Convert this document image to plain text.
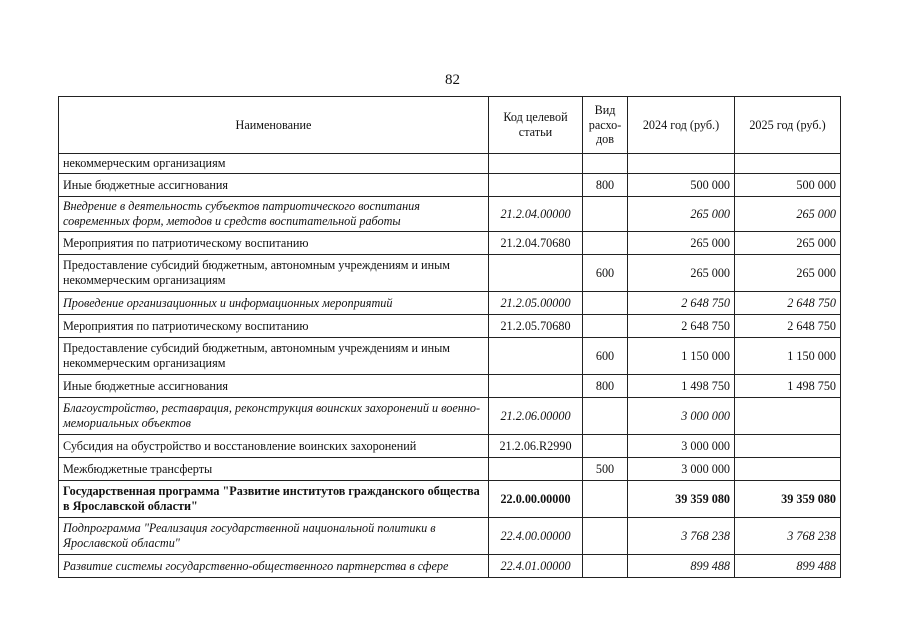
82
Наименование	Код целевой статьи	Вид расхо-дов	2024 год (руб.)	2025 год (руб.)
некоммерческим организациям				
Иные бюджетные ассигнования		800	500 000	500 000
Внедрение в деятельность субъектов патриотического воспитания современных форм, методов и средств воспитательной работы	21.2.04.00000		265 000	265 000
Мероприятия по патриотическому воспитанию	21.2.04.70680		265 000	265 000
Предоставление субсидий бюджетным, автономным учреждениям и иным некоммерческим организациям		600	265 000	265 000
Проведение организационных и информационных мероприятий	21.2.05.00000		2 648 750	2 648 750
Мероприятия по патриотическому воспитанию	21.2.05.70680		2 648 750	2 648 750
Предоставление субсидий бюджетным, автономным учреждениям и иным некоммерческим организациям		600	1 150 000	1 150 000
Иные бюджетные ассигнования		800	1 498 750	1 498 750
Благоустройство, реставрация, реконструкция воинских захоронений и военно-мемориальных объектов	21.2.06.00000		3 000 000	
Субсидия на обустройство и восстановление воинских захоронений	21.2.06.R2990		3 000 000	
Межбюджетные трансферты		500	3 000 000	
Государственная программа "Развитие институтов гражданского общества в Ярославской области"	22.0.00.00000		39 359 080	39 359 080
Подпрограмма "Реализация государственной национальной политики в Ярославской области"	22.4.00.00000		3 768 238	3 768 238
Развитие системы государственно-общественного партнерства в сфере	22.4.01.00000		899 488	899 488
